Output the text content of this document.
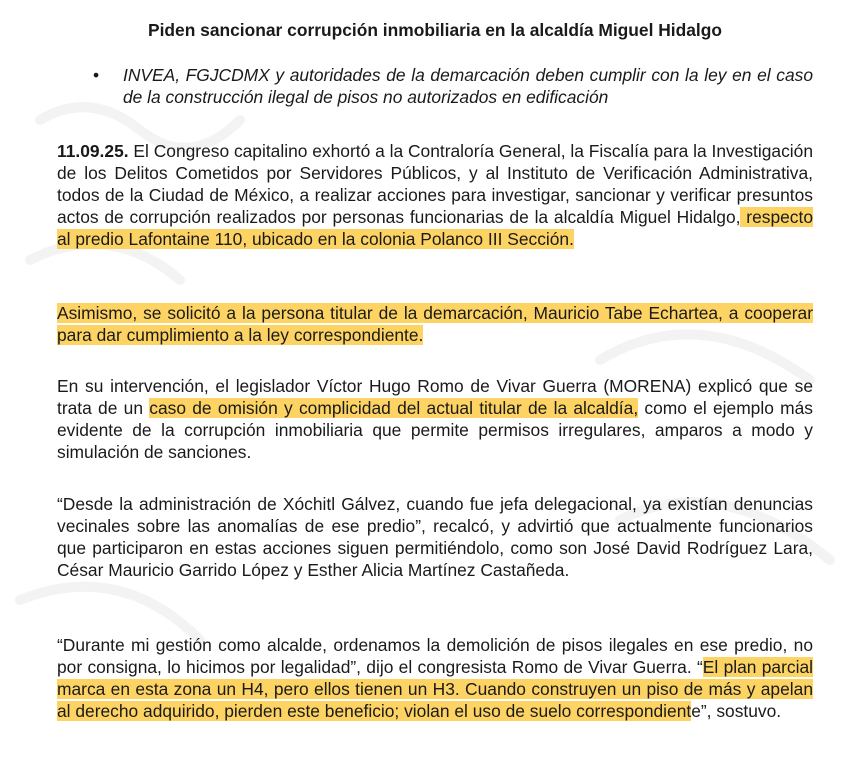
Piden sancionar corrupción inmobiliaria en la alcaldía Miguel Hidalgo
• INVEA, FGJCDMX y autoridades de la demarcación deben cumplir con la ley en el caso de la construcción ilegal de pisos no autorizados en edificación

11.09.25. El Congreso capitalino exhortó a la Contraloría General, la Fiscalía para la Investigación de los Delitos Cometidos por Servidores Públicos, y al Instituto de Verificación Administrativa, todos de la Ciudad de México, a realizar acciones para investigar, sancionar y verificar presuntos actos de corrupción realizados por personas funcionarias de la alcaldía Miguel Hidalgo, respecto al predio Lafontaine 110, ubicado en la colonia Polanco III Sección.

Asimismo, se solicitó a la persona titular de la demarcación, Mauricio Tabe Echartea, a cooperar para dar cumplimiento a la ley correspondiente.

En su intervención, el legislador Víctor Hugo Romo de Vivar Guerra (MORENA) explicó que se trata de un caso de omisión y complicidad del actual titular de la alcaldía, como el ejemplo más evidente de la corrupción inmobiliaria que permite permisos irregulares, amparos a modo y simulación de sanciones.

“Desde la administración de Xóchitl Gálvez, cuando fue jefa delegacional, ya existían denuncias vecinales sobre las anomalías de ese predio”, recalcó, y advirtió que actualmente funcionarios que participaron en estas acciones siguen permitiéndolo, como son José David Rodríguez Lara, César Mauricio Garrido López y Esther Alicia Martínez Castañeda.

“Durante mi gestión como alcalde, ordenamos la demolición de pisos ilegales en ese predio, no por consigna, lo hicimos por legalidad”, dijo el congresista Romo de Vivar Guerra. “El plan parcial marca en esta zona un H4, pero ellos tienen un H3. Cuando construyen un piso de más y apelan al derecho adquirido, pierden este beneficio; violan el uso de suelo correspondiente”, sostuvo.
